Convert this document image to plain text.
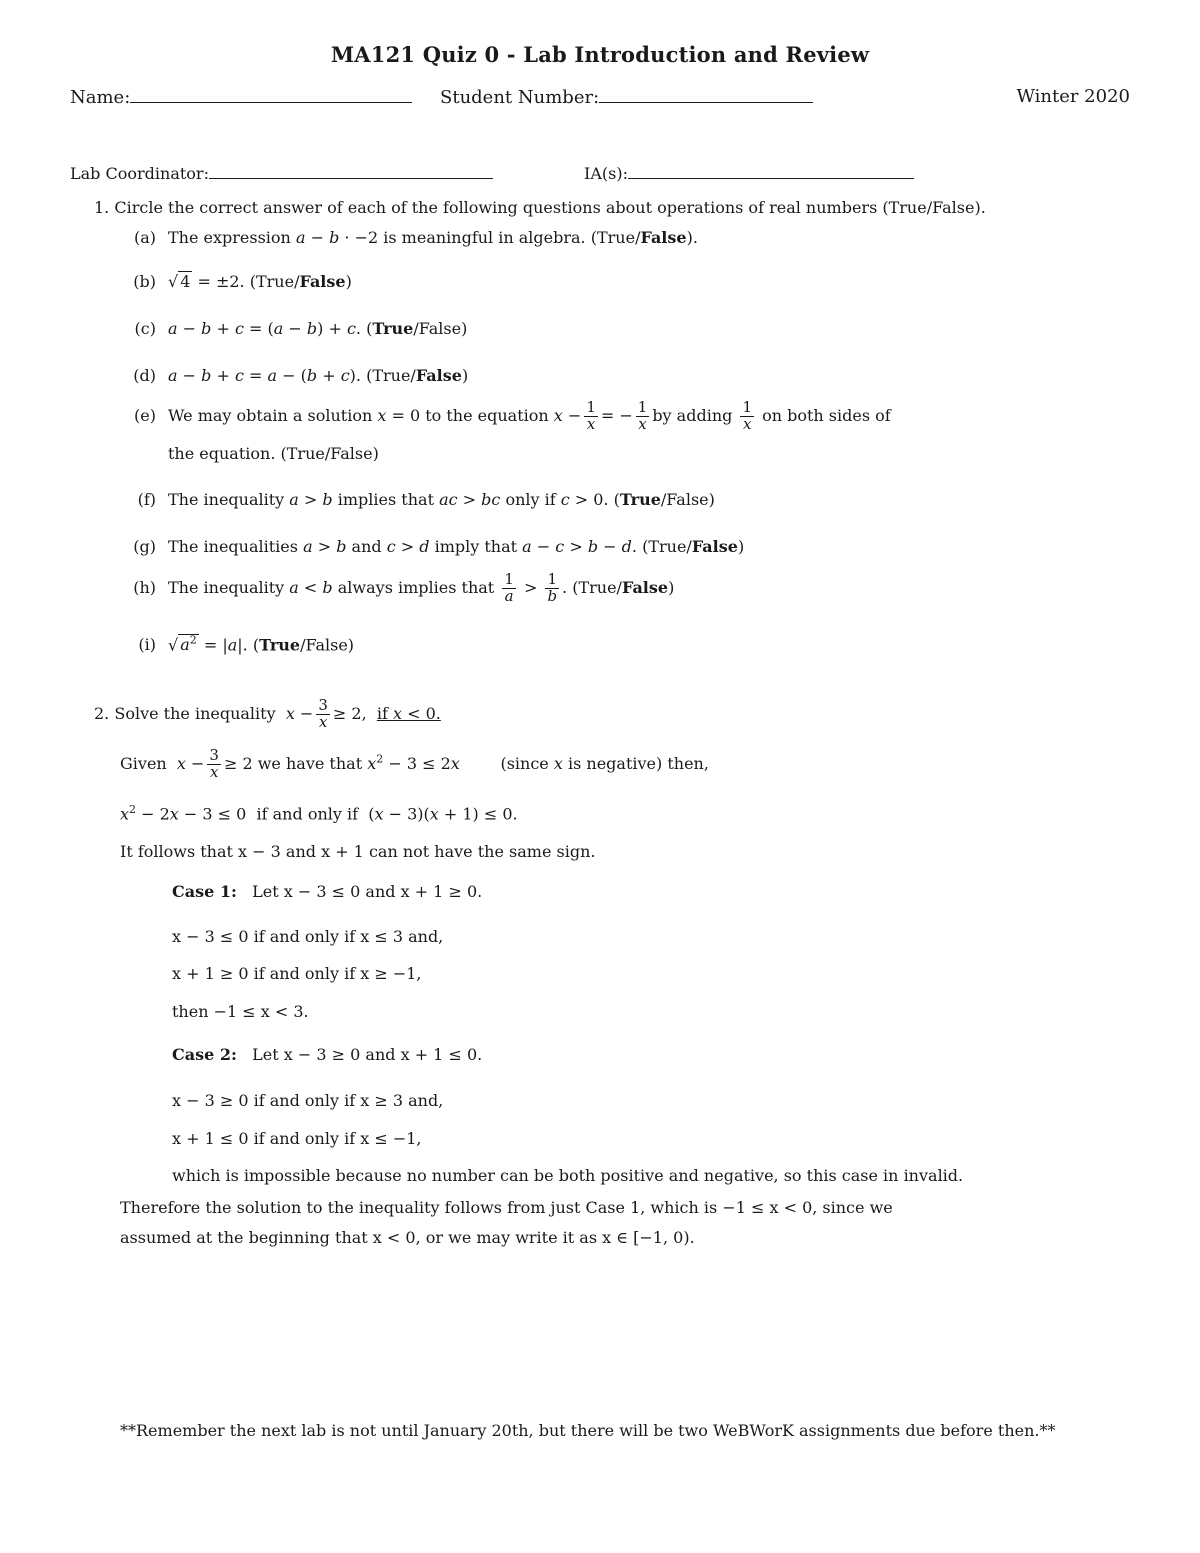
MA121 Quiz 0 - Lab Introduction and Review
Name:	Student Number:	Winter 2020
Lab Coordinator:	IA(s):
1. Circle the correct answer of each of the following questions about operations of real numbers (True/False).
(a) The expression a − b · −2 is meaningful in algebra. (True/False).
(b) √ 4 = ±2. (True/False)
(c) a − b + c = (a − b) + c. (True/False)
(d) a − b + c = a − (b + c). (True/False)
(e) We may obtain a solution x = 0 to the equation $x - \frac{1}{x}$ = − $\frac{1}{x}$ by adding $\frac{1}{x}$ on both sides of
the equation. (True/False)
(f) The inequality a > b implies that ac > bc only if c > 0. (True/False)
(g) The inequalities a > b and c > d imply that a − c > b − d. (True/False)
(h) The inequality a < b always implies that $\frac{1}{a} > \frac{1}{b}$ . (True/False)
(i) √ $a^2 = |a|$. (True/False)
2. Solve the inequality $x - \frac{3}{x} \ge 2$,  if x < 0.
Given  $x - \frac{3}{x} \ge 2$ we have that $x^2 - 3 \le 2x$        (since x is negative) then,
$x^2 - 2x - 3 \le 0$  if and only if  (x − 3)(x + 1) ≤ 0.
It follows that x − 3 and x + 1 can not have the same sign.
Case 1: Let x − 3 ≤ 0 and x + 1 ≥ 0.
x − 3 ≤ 0 if and only if x ≤ 3 and,
x + 1 ≥ 0 if and only if x ≥ −1,
then −1 ≤ x < 3.
Case 2: Let x − 3 ≥ 0 and x + 1 ≤ 0.
x − 3 ≥ 0 if and only if x ≥ 3 and,
x + 1 ≤ 0 if and only if x ≤ −1,
which is impossible because no number can be both positive and negative, so this case in invalid.
Therefore the solution to the inequality follows from just Case 1, which is −1 ≤ x < 0, since we
assumed at the beginning that x < 0, or we may write it as x ∈ [−1, 0).
**Remember the next lab is not until January 20th, but there will be two WeBWorK assignments due before then.**
